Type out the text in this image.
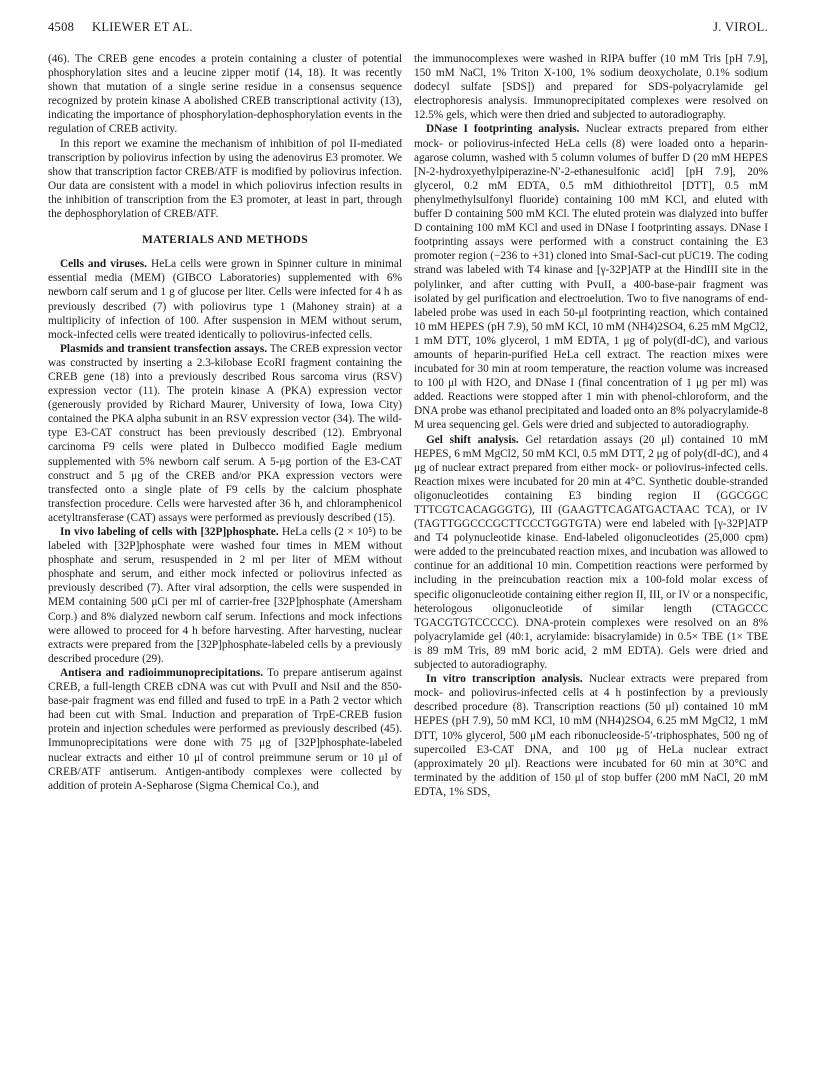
4508 KLIEWER ET AL.	J. VIROL.

(46). The CREB gene encodes a protein containing a cluster of potential phosphorylation sites and a leucine zipper motif (14, 18). It was recently shown that mutation of a single serine residue in a consensus sequence recognized by protein kinase A abolished CREB transcriptional activity (13), indicating the importance of phosphorylation-dephosphorylation events in the regulation of CREB activity.

In this report we examine the mechanism of inhibition of pol II-mediated transcription by poliovirus infection by using the adenovirus E3 promoter. We show that transcription factor CREB/ATF is modified by poliovirus infection. Our data are consistent with a model in which poliovirus infection results in the inhibition of transcription from the E3 promoter, at least in part, through the dephosphorylation of CREB/ATF.

MATERIALS AND METHODS

Cells and viruses. HeLa cells were grown in Spinner culture in minimal essential media (MEM) (GIBCO Laboratories) supplemented with 6% newborn calf serum and 1 g of glucose per liter. Cells were infected for 4 h as previously described (7) with poliovirus type 1 (Mahoney strain) at a multiplicity of infection of 100. After suspension in MEM without serum, mock-infected cells were treated identically to poliovirus-infected cells.

Plasmids and transient transfection assays. The CREB expression vector was constructed by inserting a 2.3-kilobase EcoRI fragment containing the CREB gene (18) into a previously described Rous sarcoma virus (RSV) expression vector (11). The protein kinase A (PKA) expression vector (generously provided by Richard Maurer, University of Iowa, Iowa City) contained the PKA alpha subunit in an RSV expression vector (34). The wild-type E3-CAT construct has been previously described (12). Embryonal carcinoma F9 cells were plated in Dulbecco modified Eagle medium supplemented with 5% newborn calf serum. A 5-μg portion of the E3-CAT construct and 5 μg of the CREB and/or PKA expression vectors were transfected onto a single plate of F9 cells by the calcium phosphate transfection procedure. Cells were harvested after 36 h, and chloramphenicol acetyltransferase (CAT) assays were performed as previously described (15).

In vivo labeling of cells with [32P]phosphate. HeLa cells (2 × 10⁵) to be labeled with [32P]phosphate were washed four times in MEM without phosphate and serum, resuspended in 2 ml per liter of MEM without phosphate and serum, and either mock infected or poliovirus infected as previously described (7). After viral adsorption, the cells were suspended in MEM containing 500 μCi per ml of carrier-free [32P]phosphate (Amersham Corp.) and 8% dialyzed newborn calf serum. Infections and mock infections were allowed to proceed for 4 h before harvesting. After harvesting, nuclear extracts were prepared from the [32P]phosphate-labeled cells by a previously described procedure (29).

Antisera and radioimmunoprecipitations. To prepare antiserum against CREB, a full-length CREB cDNA was cut with PvuII and NsiI and the 850-base-pair fragment was end filled and fused to trpE in a Path 2 vector which had been cut with SmaI. Induction and preparation of TrpE-CREB fusion protein and injection schedules were performed as previously described (45). Immunoprecipitations were done with 75 μg of [32P]phosphate-labeled nuclear extracts and either 10 μl of control preimmune serum or 10 μl of CREB/ATF antiserum. Antigen-antibody complexes were collected by addition of protein A-Sepharose (Sigma Chemical Co.), and

the immunocomplexes were washed in RIPA buffer (10 mM Tris [pH 7.9], 150 mM NaCl, 1% Triton X-100, 1% sodium deoxycholate, 0.1% sodium dodecyl sulfate [SDS]) and prepared for SDS-polyacrylamide gel electrophoresis analysis. Immunoprecipitated complexes were resolved on 12.5% gels, which were then dried and subjected to autoradiography.

DNase I footprinting analysis. Nuclear extracts prepared from either mock- or poliovirus-infected HeLa cells (8) were loaded onto a heparin-agarose column, washed with 5 column volumes of buffer D (20 mM HEPES [N-2-hydroxyethylpiperazine-N′-2-ethanesulfonic acid] [pH 7.9], 20% glycerol, 0.2 mM EDTA, 0.5 mM dithiothreitol [DTT], 0.5 mM phenylmethylsulfonyl fluoride) containing 100 mM KCl, and eluted with buffer D containing 500 mM KCl. The eluted protein was dialyzed into buffer D containing 100 mM KCl and used in DNase I footprinting assays. DNase I footprinting assays were performed with a construct containing the E3 promoter region (−236 to +31) cloned into SmaI-SacI-cut pUC19. The coding strand was labeled with T4 kinase and [γ-32P]ATP at the HindIII site in the polylinker, and after cutting with PvuII, a 400-base-pair fragment was isolated by gel purification and electroelution. Two to five nanograms of end-labeled probe was used in each 50-μl footprinting reaction, which contained 10 mM HEPES (pH 7.9), 50 mM KCl, 10 mM (NH4)2SO4, 6.25 mM MgCl2, 1 mM DTT, 10% glycerol, 1 mM EDTA, 1 μg of poly(dI-dC), and various amounts of heparin-purified HeLa cell extract. The reaction mixes were incubated for 30 min at room temperature, the reaction volume was increased to 100 μl with H2O, and DNase I (final concentration of 1 μg per ml) was added. Reactions were stopped after 1 min with phenol-chloroform, and the DNA probe was ethanol precipitated and loaded onto an 8% polyacrylamide-8 M urea sequencing gel. Gels were dried and subjected to autoradiography.

Gel shift analysis. Gel retardation assays (20 μl) contained 10 mM HEPES, 6 mM MgCl2, 50 mM KCl, 0.5 mM DTT, 2 μg of poly(dI-dC), and 4 μg of nuclear extract prepared from either mock- or poliovirus-infected cells. Reaction mixes were incubated for 20 min at 4°C. Synthetic double-stranded oligonucleotides containing E3 binding region II (GGCGGC TTTCGTCACAGGGTG), III (GAAGTTCAGATGACTAAC TCA), or IV (TAGTTGGCCCGCTTCCCTGGTGTA) were end labeled with [γ-32P]ATP and T4 polynucleotide kinase. End-labeled oligonucleotides (25,000 cpm) were added to the preincubated reaction mixes, and incubation was allowed to continue for an additional 10 min. Competition reactions were performed by including in the preincubation reaction mix a 100-fold molar excess of specific oligonucleotide containing either region II, III, or IV or a nonspecific, heterologous oligonucleotide of similar length (CTAGCCC TGACGTGTCCCCC). DNA-protein complexes were resolved on an 8% polyacrylamide gel (40:1, acrylamide: bisacrylamide) in 0.5× TBE (1× TBE is 89 mM Tris, 89 mM boric acid, 2 mM EDTA). Gels were dried and subjected to autoradiography.

In vitro transcription analysis. Nuclear extracts were prepared from mock- and poliovirus-infected cells at 4 h postinfection by a previously described procedure (8). Transcription reactions (50 μl) contained 10 mM HEPES (pH 7.9), 50 mM KCl, 10 mM (NH4)2SO4, 6.25 mM MgCl2, 1 mM DTT, 10% glycerol, 500 μM each ribonucleoside-5′-triphosphates, 500 ng of supercoiled E3-CAT DNA, and 100 μg of HeLa nuclear extract (approximately 20 μl). Reactions were incubated for 60 min at 30°C and terminated by the addition of 150 μl of stop buffer (200 mM NaCl, 20 mM EDTA, 1% SDS,
